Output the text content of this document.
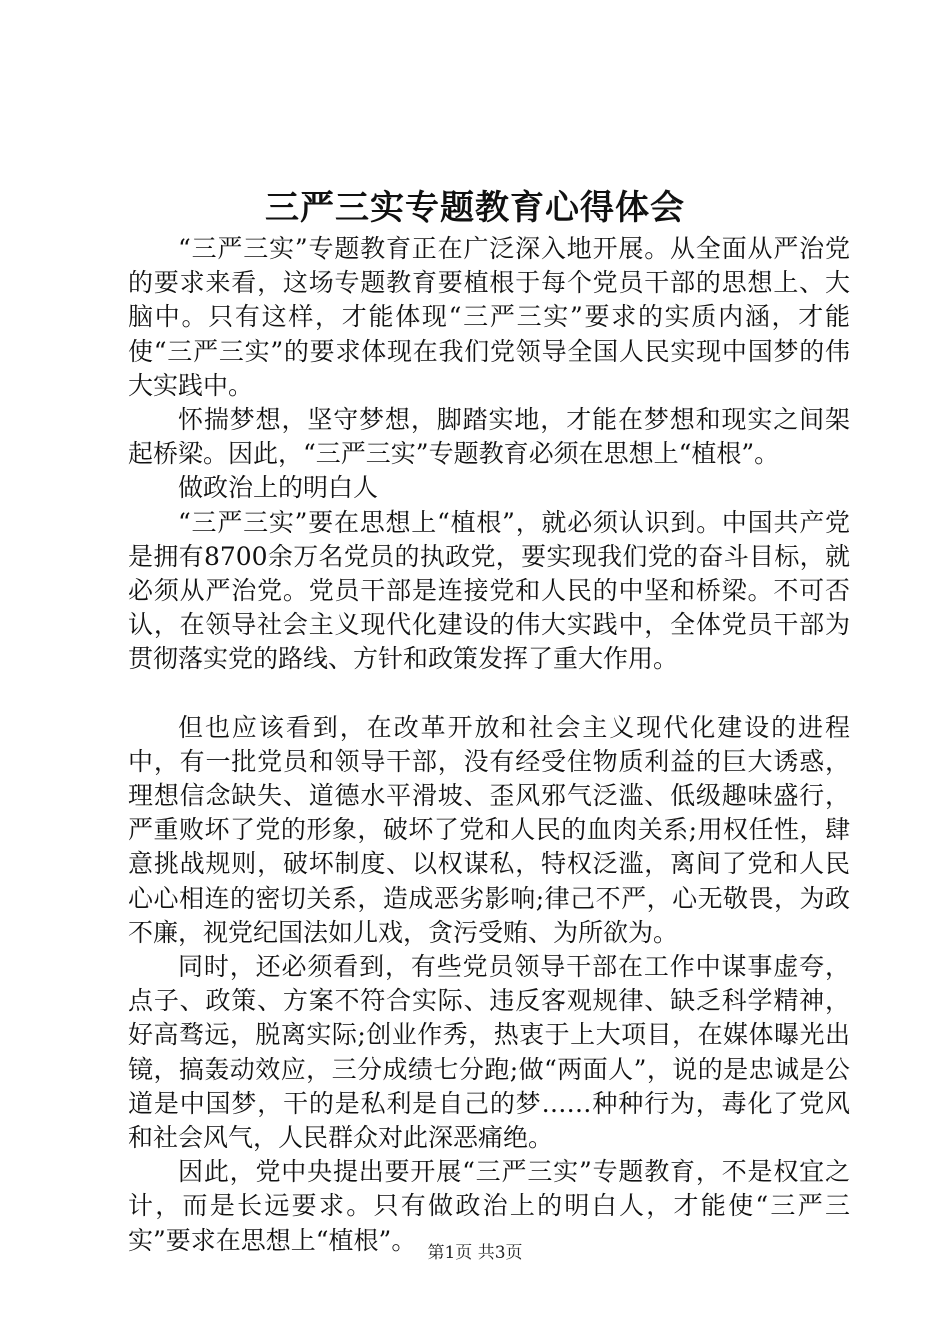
三严三实专题教育心得体会

“三严三实”专题教育正在广泛深入地开展。从全面从严治党的要求来看，这场专题教育要植根于每个党员干部的思想上、大脑中。只有这样，才能体现“三严三实”要求的实质内涵，才能使“三严三实”的要求体现在我们党领导全国人民实现中国梦的伟大实践中。

怀揣梦想，坚守梦想，脚踏实地，才能在梦想和现实之间架起桥梁。因此，“三严三实”专题教育必须在思想上“植根”。

做政治上的明白人

“三严三实”要在思想上“植根”，就必须认识到。中国共产党是拥有8700余万名党员的执政党，要实现我们党的奋斗目标，就必须从严治党。党员干部是连接党和人民的中坚和桥梁。不可否认，在领导社会主义现代化建设的伟大实践中，全体党员干部为贯彻落实党的路线、方针和政策发挥了重大作用。

但也应该看到，在改革开放和社会主义现代化建设的进程中，有一批党员和领导干部，没有经受住物质利益的巨大诱惑，理想信念缺失、道德水平滑坡、歪风邪气泛滥、低级趣味盛行，严重败坏了党的形象，破坏了党和人民的血肉关系;用权任性，肆意挑战规则，破坏制度、以权谋私，特权泛滥，离间了党和人民心心相连的密切关系，造成恶劣影响;律己不严，心无敬畏，为政不廉，视党纪国法如儿戏，贪污受贿、为所欲为。

同时，还必须看到，有些党员领导干部在工作中谋事虚夸，点子、政策、方案不符合实际、违反客观规律、缺乏科学精神，好高骛远，脱离实际;创业作秀，热衷于上大项目，在媒体曝光出镜，搞轰动效应，三分成绩七分跑;做“两面人”，说的是忠诚是公道是中国梦，干的是私利是自己的梦……种种行为，毒化了党风和社会风气，人民群众对此深恶痛绝。

因此，党中央提出要开展“三严三实”专题教育，不是权宜之计，而是长远要求。只有做政治上的明白人，才能使“三严三实”要求在思想上“植根”。 第1页 共3页
